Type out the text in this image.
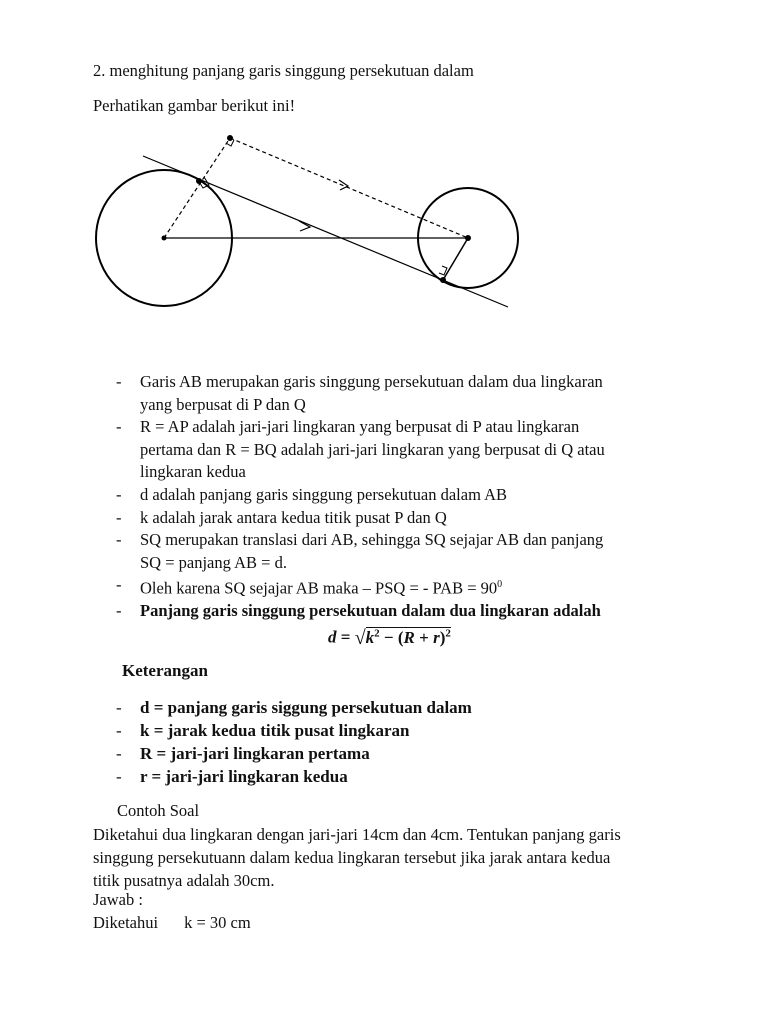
2. menghitung panjang garis singgung persekutuan dalam
Perhatikan gambar berikut ini!
- Garis AB merupakan garis singgung persekutuan dalam dua lingkaran
yang berpusat di P dan Q
- R = AP adalah jari-jari lingkaran yang berpusat di P atau lingkaran
pertama dan R = BQ adalah jari-jari lingkaran yang berpusat di Q atau
lingkaran kedua
- d adalah panjang garis singgung persekutuan dalam AB
- k adalah jarak antara kedua titik pusat P dan Q
- SQ merupakan translasi dari AB, sehingga SQ sejajar AB dan panjang
SQ = panjang AB = d.
- Oleh karena SQ sejajar AB maka – PSQ = - PAB = $90^0$
- Panjang garis singgung persekutuan dalam dua lingkaran adalah
$d = √k^2 - (R + r)^2$
Keterangan
- d = panjang garis siggung persekutuan dalam
- k = jarak kedua titik pusat lingkaran
- R = jari-jari lingkaran pertama
- r = jari-jari lingkaran kedua
Contoh Soal
Diketahui dua lingkaran dengan jari-jari 14cm dan 4cm. Tentukan panjang garis
singgung persekutuann dalam kedua lingkaran tersebut jika jarak antara kedua
titik pusatnya adalah 30cm.
Jawab :
Diketahui k = 30 cm
